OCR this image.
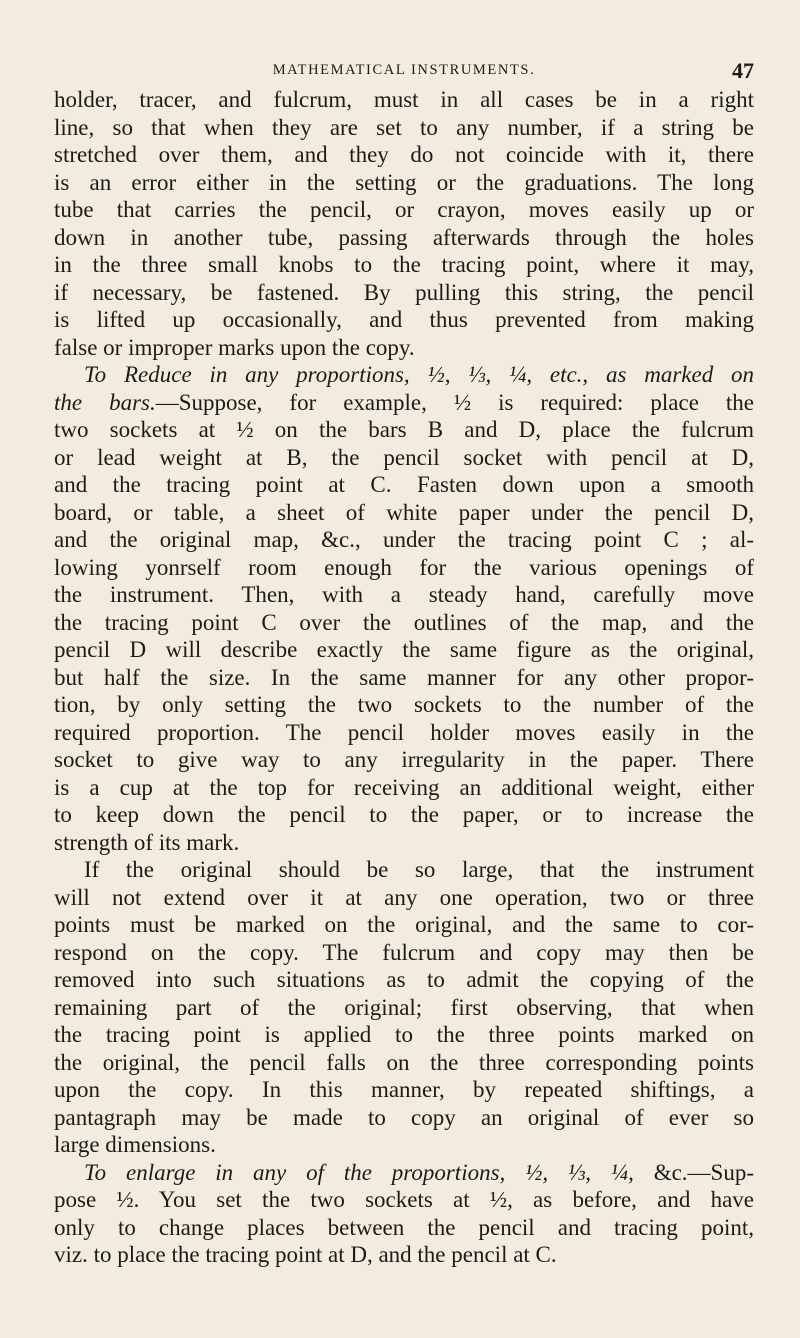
MATHEMATICAL INSTRUMENTS.	47
holder, tracer, and fulcrum, must in all cases be in a right
line, so that when they are set to any number, if a string be
stretched over them, and they do not coincide with it, there
is an error either in the setting or the graduations. The long
tube that carries the pencil, or crayon, moves easily up or
down in another tube, passing afterwards through the holes
in the three small knobs to the tracing point, where it may,
if necessary, be fastened. By pulling this string, the pencil
is lifted up occasionally, and thus prevented from making
false or improper marks upon the copy.
To Reduce in any proportions, ½, ⅓, ¼, etc., as marked on
the bars.—Suppose, for example, ½ is required: place the
two sockets at ½ on the bars B and D, place the fulcrum
or lead weight at B, the pencil socket with pencil at D,
and the tracing point at C. Fasten down upon a smooth
board, or table, a sheet of white paper under the pencil D,
and the original map, &c., under the tracing point C ; al-
lowing yonrself room enough for the various openings of
the instrument. Then, with a steady hand, carefully move
the tracing point C over the outlines of the map, and the
pencil D will describe exactly the same figure as the original,
but half the size. In the same manner for any other propor-
tion, by only setting the two sockets to the number of the
required proportion. The pencil holder moves easily in the
socket to give way to any irregularity in the paper. There
is a cup at the top for receiving an additional weight, either
to keep down the pencil to the paper, or to increase the
strength of its mark.
If the original should be so large, that the instrument
will not extend over it at any one operation, two or three
points must be marked on the original, and the same to cor-
respond on the copy. The fulcrum and copy may then be
removed into such situations as to admit the copying of the
remaining part of the original; first observing, that when
the tracing point is applied to the three points marked on
the original, the pencil falls on the three corresponding points
upon the copy. In this manner, by repeated shiftings, a
pantagraph may be made to copy an original of ever so
large dimensions.
To enlarge in any of the proportions, ½, ⅓, ¼, &c.—Sup-
pose ½. You set the two sockets at ½, as before, and have
only to change places between the pencil and tracing point,
viz. to place the tracing point at D, and the pencil at C.
